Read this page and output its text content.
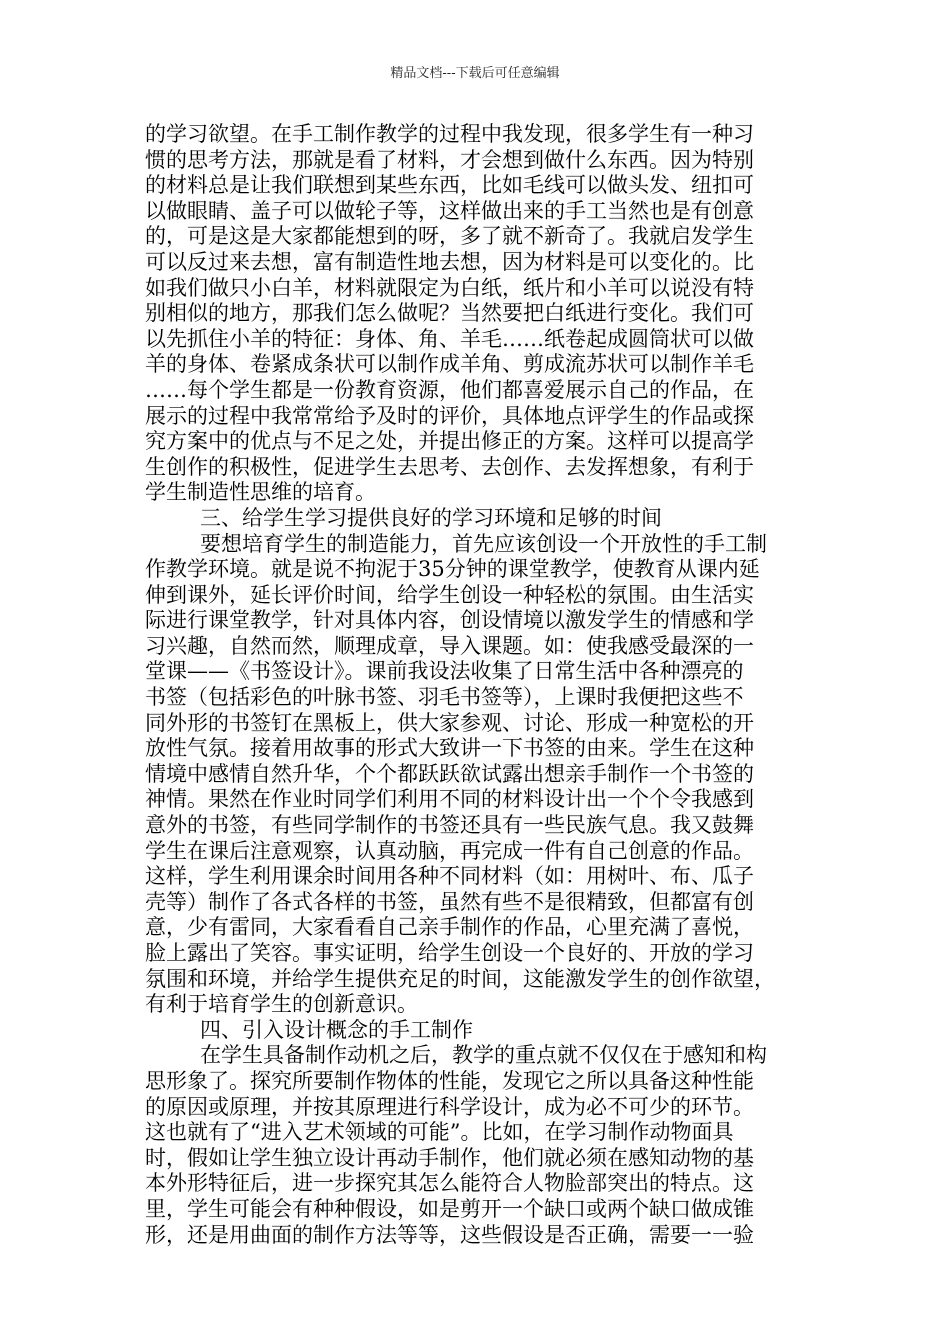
精品文档---下载后可任意编辑
的学习欲望。在手工制作教学的过程中我发现，很多学生有一种习
惯的思考方法，那就是看了材料，才会想到做什么东西。因为特别
的材料总是让我们联想到某些东西，比如毛线可以做头发、纽扣可
以做眼睛、盖子可以做轮子等，这样做出来的手工当然也是有创意
的，可是这是大家都能想到的呀，多了就不新奇了。我就启发学生
可以反过来去想，富有制造性地去想，因为材料是可以变化的。比
如我们做只小白羊，材料就限定为白纸，纸片和小羊可以说没有特
别相似的地方，那我们怎么做呢？当然要把白纸进行变化。我们可
以先抓住小羊的特征：身体、角、羊毛……纸卷起成圆筒状可以做
羊的身体、卷紧成条状可以制作成羊角、剪成流苏状可以制作羊毛
……每个学生都是一份教育资源，他们都喜爱展示自己的作品，在
展示的过程中我常常给予及时的评价，具体地点评学生的作品或探
究方案中的优点与不足之处，并提出修正的方案。这样可以提高学
生创作的积极性，促进学生去思考、去创作、去发挥想象，有利于
学生制造性思维的培育。
三、给学生学习提供良好的学习环境和足够的时间
要想培育学生的制造能力，首先应该创设一个开放性的手工制
作教学环境。就是说不拘泥于35分钟的课堂教学，使教育从课内延
伸到课外，延长评价时间，给学生创设一种轻松的氛围。由生活实
际进行课堂教学，针对具体内容，创设情境以激发学生的情感和学
习兴趣，自然而然，顺理成章，导入课题。如：使我感受最深的一
堂课——《书签设计》。课前我设法收集了日常生活中各种漂亮的
书签（包括彩色的叶脉书签、羽毛书签等），上课时我便把这些不
同外形的书签钉在黑板上，供大家参观、讨论、形成一种宽松的开
放性气氛。接着用故事的形式大致讲一下书签的由来。学生在这种
情境中感情自然升华，个个都跃跃欲试露出想亲手制作一个书签的
神情。果然在作业时同学们利用不同的材料设计出一个个令我感到
意外的书签，有些同学制作的书签还具有一些民族气息。我又鼓舞
学生在课后注意观察，认真动脑，再完成一件有自己创意的作品。
这样，学生利用课余时间用各种不同材料（如：用树叶、布、瓜子
壳等）制作了各式各样的书签，虽然有些不是很精致，但都富有创
意，少有雷同，大家看看自己亲手制作的作品，心里充满了喜悦，
脸上露出了笑容。事实证明，给学生创设一个良好的、开放的学习
氛围和环境，并给学生提供充足的时间，这能激发学生的创作欲望，
有利于培育学生的创新意识。
四、引入设计概念的手工制作
在学生具备制作动机之后，教学的重点就不仅仅在于感知和构
思形象了。探究所要制作物体的性能，发现它之所以具备这种性能
的原因或原理，并按其原理进行科学设计，成为必不可少的环节。
这也就有了“进入艺术领域的可能”。比如，在学习制作动物面具
时，假如让学生独立设计再动手制作，他们就必须在感知动物的基
本外形特征后，进一步探究其怎么能符合人物脸部突出的特点。这
里，学生可能会有种种假设，如是剪开一个缺口或两个缺口做成锥
形，还是用曲面的制作方法等等，这些假设是否正确，需要一一验
